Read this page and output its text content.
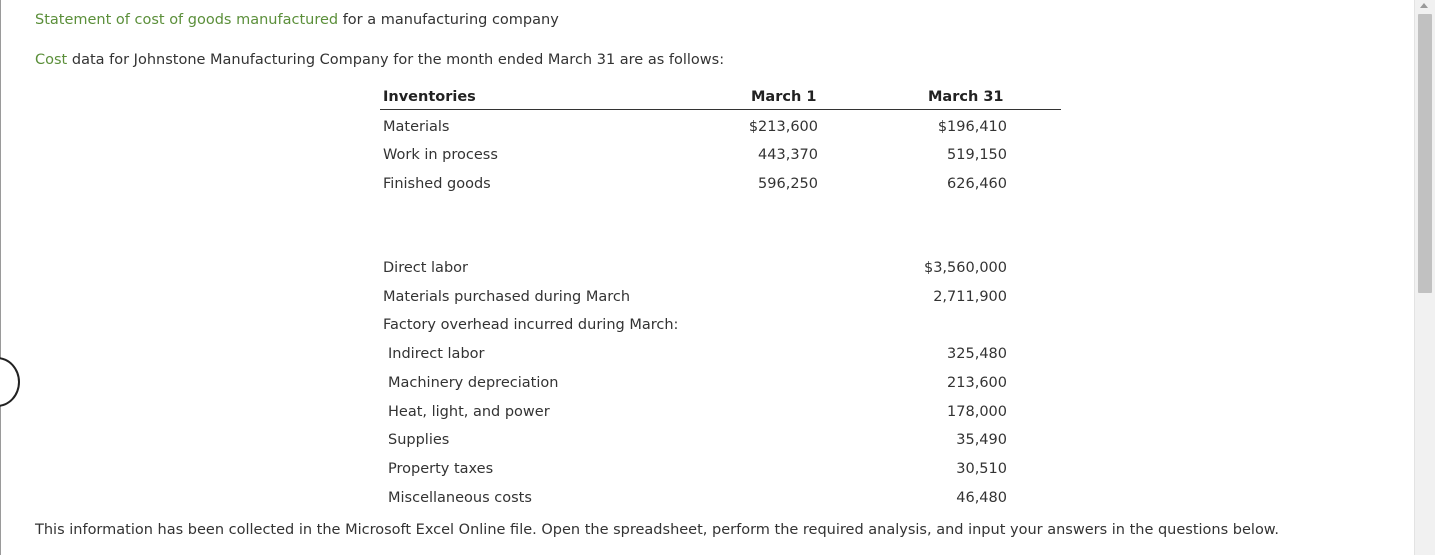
Statement of cost of goods manufactured for a manufacturing company
Cost data for Johnstone Manufacturing Company for the month ended March 31 are as follows:
Inventories	March 1	March 31
Materials	$213,600	$196,410
Work in process	443,370	519,150
Finished goods	596,250	626,460
Direct labor	$3,560,000
Materials purchased during March	2,711,900
Factory overhead incurred during March:
Indirect labor	325,480
Machinery depreciation	213,600
Heat, light, and power	178,000
Supplies	35,490
Property taxes	30,510
Miscellaneous costs	46,480
This information has been collected in the Microsoft Excel Online file. Open the spreadsheet, perform the required analysis, and input your answers in the questions below.
